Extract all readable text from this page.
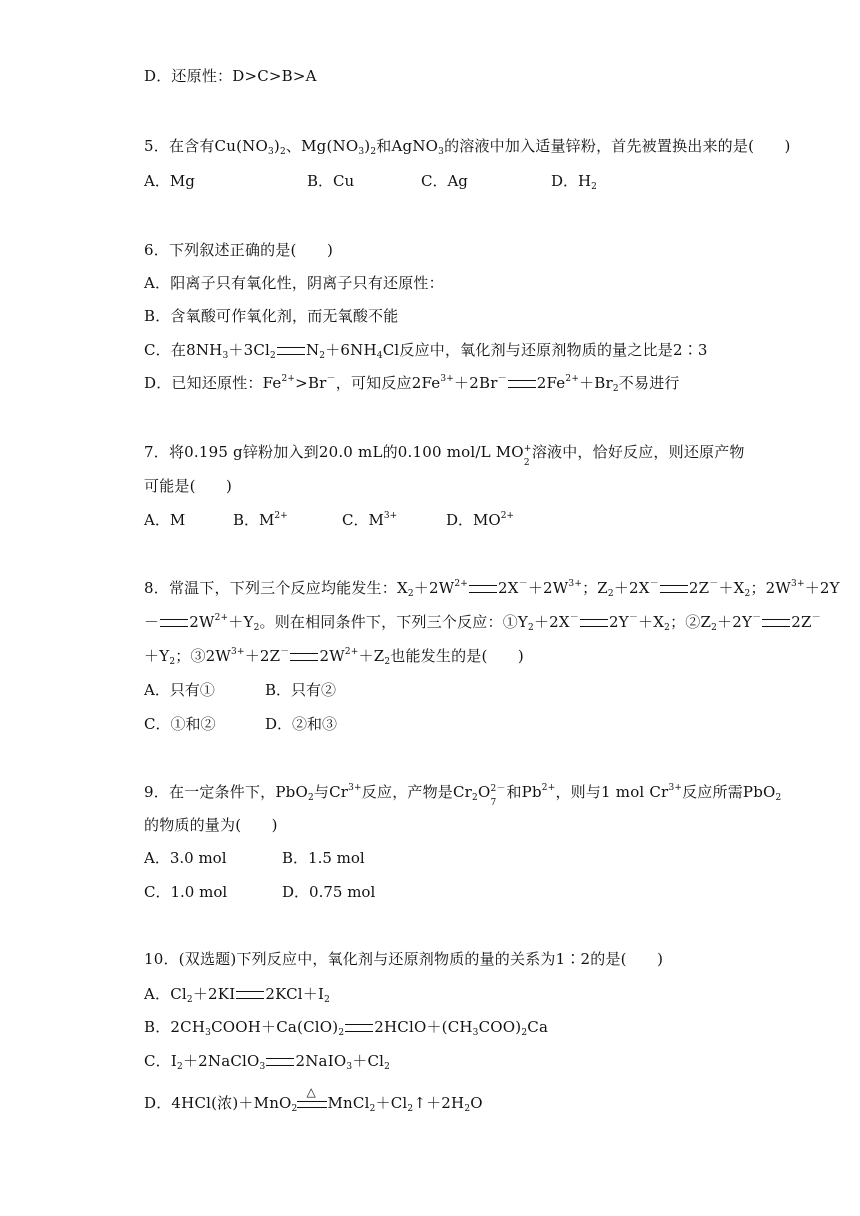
D．还原性：D>C>B>A
5．在含有$Cu(NO_3)_2$、$Mg(NO_3)_2$和AgNO$_3$的溶液中加入适量锌粉，首先被置换出来的是(　　)
A．Mg	B．Cu	C．Ag	D．$H_2$
6．下列叙述正确的是(　　)
A．阳离子只有氧化性，阴离子只有还原性：
B．含氧酸可作氧化剂，而无氧酸不能
C．在$8NH_3+3Cl_2$ $N_2+6NH_4Cl$反应中，氧化剂与还原剂物质的量之比是2∶3
D．已知还原性：$Fe^{2+}>Br^-$，可知反应$2Fe^{3+}+2Br^-$ $2Fe^{2+}+Br_2$不易进行
7．将0.195 g锌粉加入到20.0 mL的0.100 mol/L MO +
2
溶液中，恰好反应，则还原产物
可能是(　　)
A．M	B．$M^{2+}$	C．$M^{3+}$	D．$MO^{2+}$
8．常温下，下列三个反应均能发生：$X_2+2W^{2+}$ $2X^-+2W^{3+}$；$Z_2+2X^-$ $2Z^-+X_2$；$2W^{3+}+2Y$
－ $2W^{2+}+Y_2$。则在相同条件下，下列三个反应：$①Y_2+2X^-$ $2Y^-+X_2$；$②Z_2+2Y^-$ 2Z－
$+Y_2$；$③2W^{3+}+2Z^-$ $2W^{2+}+Z_2$也能发生的是(　　)
A．只有①	B．只有②
C．①和②	D．②和③
9．在一定条件下，PbO$_2$与$Cr^{3+}$反应，产物是$Cr_2O$ 2－
7
和$Pb^{2+}$，则与1 mol $Cr^{3+}$反应所需PbO$_2$
的物质的量为(　　)
A．3.0 mol	B．1.5 mol
C．1.0 mol	D．0.75 mol
10．(双选题)下列反应中，氧化剂与还原剂物质的量的关系为1∶2的是(　　)
A．$Cl_2+2KI$ $2KCl+I_2$
B．$2CH_3COOH+Ca(ClO)_2$ $2HClO+(CH_3COO)_2Ca$
C．$I_2+2NaClO_3$ $2NaIO_3+Cl_2$
D．4HCl(浓)＋MnO$_2$
△
$MnCl_2+Cl_2↑+2H_2O$
